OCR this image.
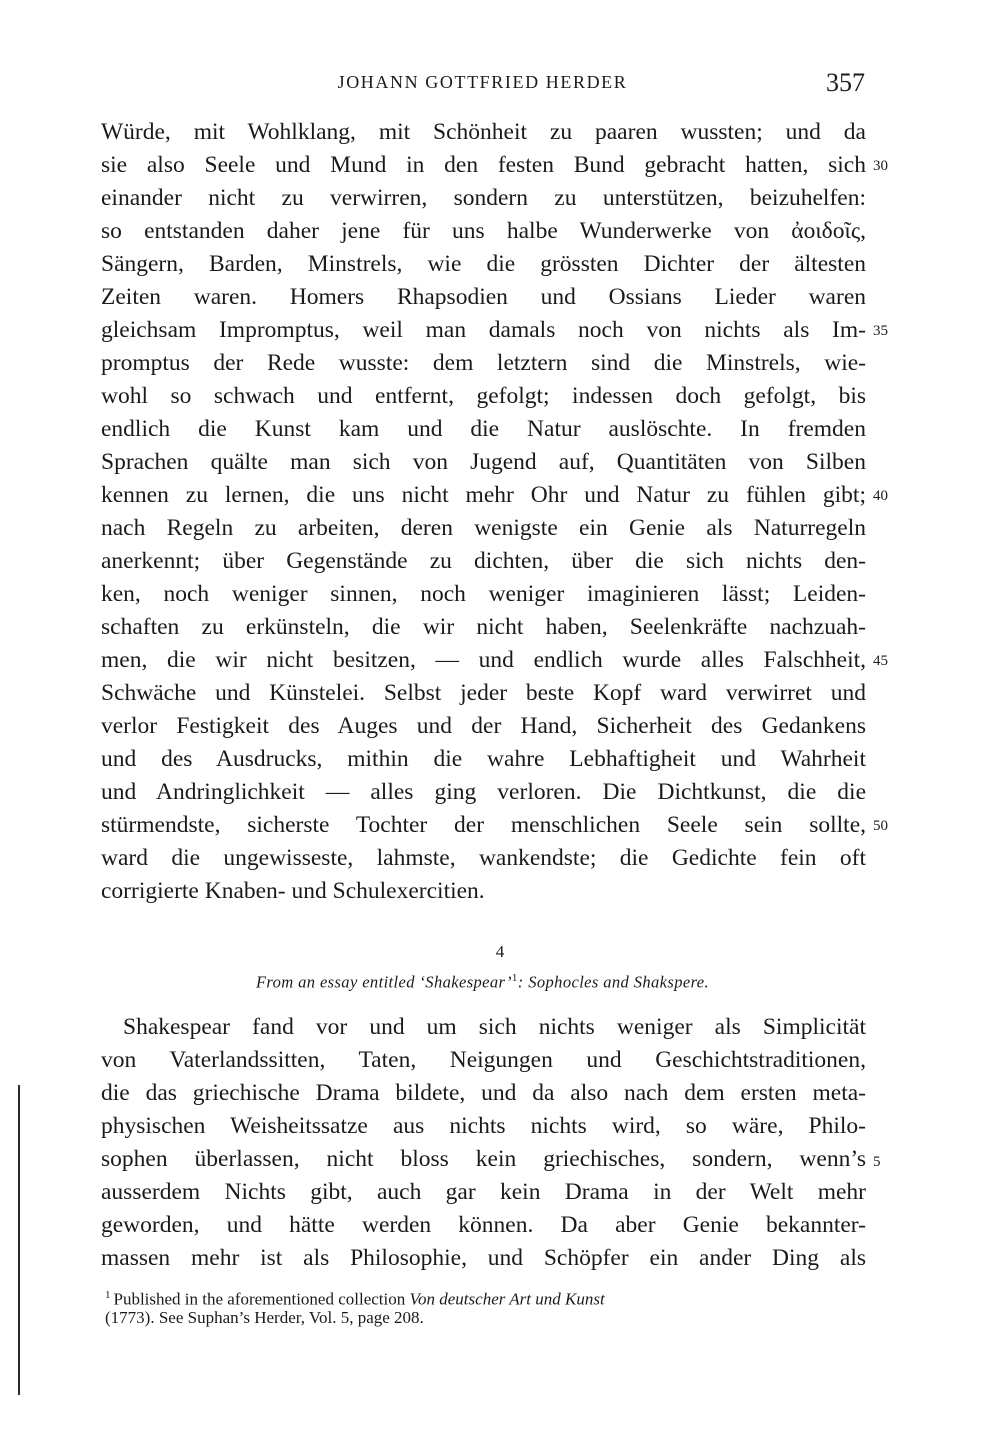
JOHANN GOTTFRIED HERDER	357
Würde, mit Wohlklang, mit Schönheit zu paaren wussten; und da
sie also Seele und Mund in den festen Bund gebracht hatten, sich
einander nicht zu verwirren, sondern zu unterstützen, beizuhelfen:
so entstanden daher jene für uns halbe Wunderwerke von ἀοιδοῖς,
Sängern, Barden, Minstrels, wie die grössten Dichter der ältesten
Zeiten waren. Homers Rhapsodien und Ossians Lieder waren
gleichsam Impromptus, weil man damals noch von nichts als Im-
promptus der Rede wusste: dem letztern sind die Minstrels, wie-
wohl so schwach und entfernt, gefolgt; indessen doch gefolgt, bis
endlich die Kunst kam und die Natur auslöschte. In fremden
Sprachen quälte man sich von Jugend auf, Quantitäten von Silben
kennen zu lernen, die uns nicht mehr Ohr und Natur zu fühlen gibt;
nach Regeln zu arbeiten, deren wenigste ein Genie als Naturregeln
anerkennt; über Gegenstände zu dichten, über die sich nichts den-
ken, noch weniger sinnen, noch weniger imaginieren lässt; Leiden-
schaften zu erkünsteln, die wir nicht haben, Seelenkräfte nachzuah-
men, die wir nicht besitzen, — und endlich wurde alles Falschheit,
Schwäche und Künstelei. Selbst jeder beste Kopf ward verwirret und
verlor Festigkeit des Auges und der Hand, Sicherheit des Gedankens
und des Ausdrucks, mithin die wahre Lebhaftigheit und Wahrheit
und Andringlichkeit — alles ging verloren. Die Dichtkunst, die die
stürmendste, sicherste Tochter der menschlichen Seele sein sollte,
ward die ungewisseste, lahmste, wankendste; die Gedichte fein oft
corrigierte Knaben- und Schulexercitien.
30
35
40
45
50
4
From an essay entitled ‘Shakespear’$^1$: Sophocles and Shakspere.
Shakespear fand vor und um sich nichts weniger als Simplicität
von Vaterlandssitten, Taten, Neigungen und Geschichtstraditionen,
die das griechische Drama bildete, und da also nach dem ersten meta-
physischen Weisheitssatze aus nichts nichts wird, so wäre, Philo-
sophen überlassen, nicht bloss kein griechisches, sondern, wenn’s
ausserdem Nichts gibt, auch gar kein Drama in der Welt mehr
geworden, und hätte werden können. Da aber Genie bekannter-
massen mehr ist als Philosophie, und Schöpfer ein ander Ding als
5
$^1$ Published in the aforementioned collection Von deutscher Art und Kunst
(1773). See Suphan’s Herder, Vol. 5, page 208.
